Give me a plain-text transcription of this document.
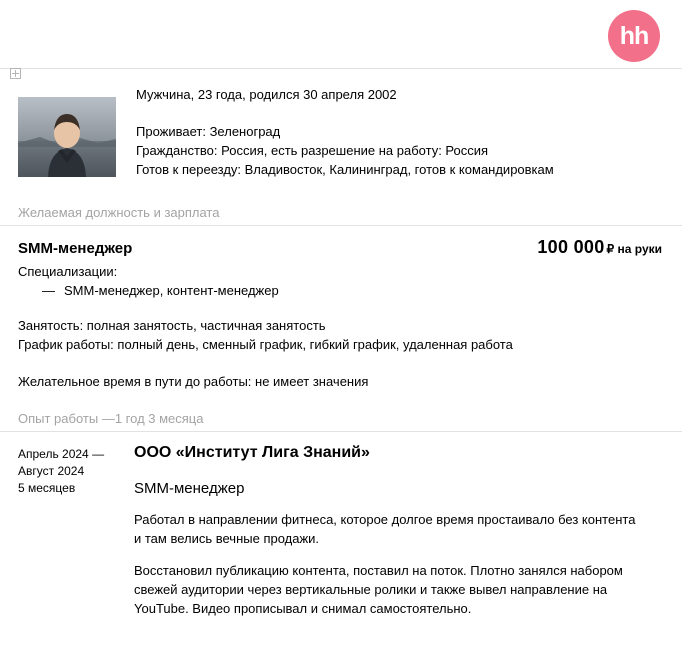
hh
Мужчина, 23 года, родился 30 апреля 2002
Проживает: Зеленоград
Гражданство: Россия, есть разрешение на работу: Россия
Готов к переезду: Владивосток, Калининград, готов к командировкам
Желаемая должность и зарплата
SMM-менеджер	100 000 ₽ на руки
Специализации:
— SMM-менеджер, контент-менеджер
Занятость: полная занятость, частичная занятость
График работы: полный день, сменный график, гибкий график, удаленная работа
Желательное время в пути до работы: не имеет значения
Опыт работы —1 год 3 месяца
Апрель 2024 —
Август 2024
5 месяцев
ООО «Институт Лига Знаний»
SMM-менеджер
Работал в направлении фитнеса, которое долгое время простаивало без контента и там велись вечные продажи.
Восстановил публикацию контента, поставил на поток. Плотно занялся набором свежей аудитории через вертикальные ролики и также вывел направление на YouTube. Видео прописывал и снимал самостоятельно.
